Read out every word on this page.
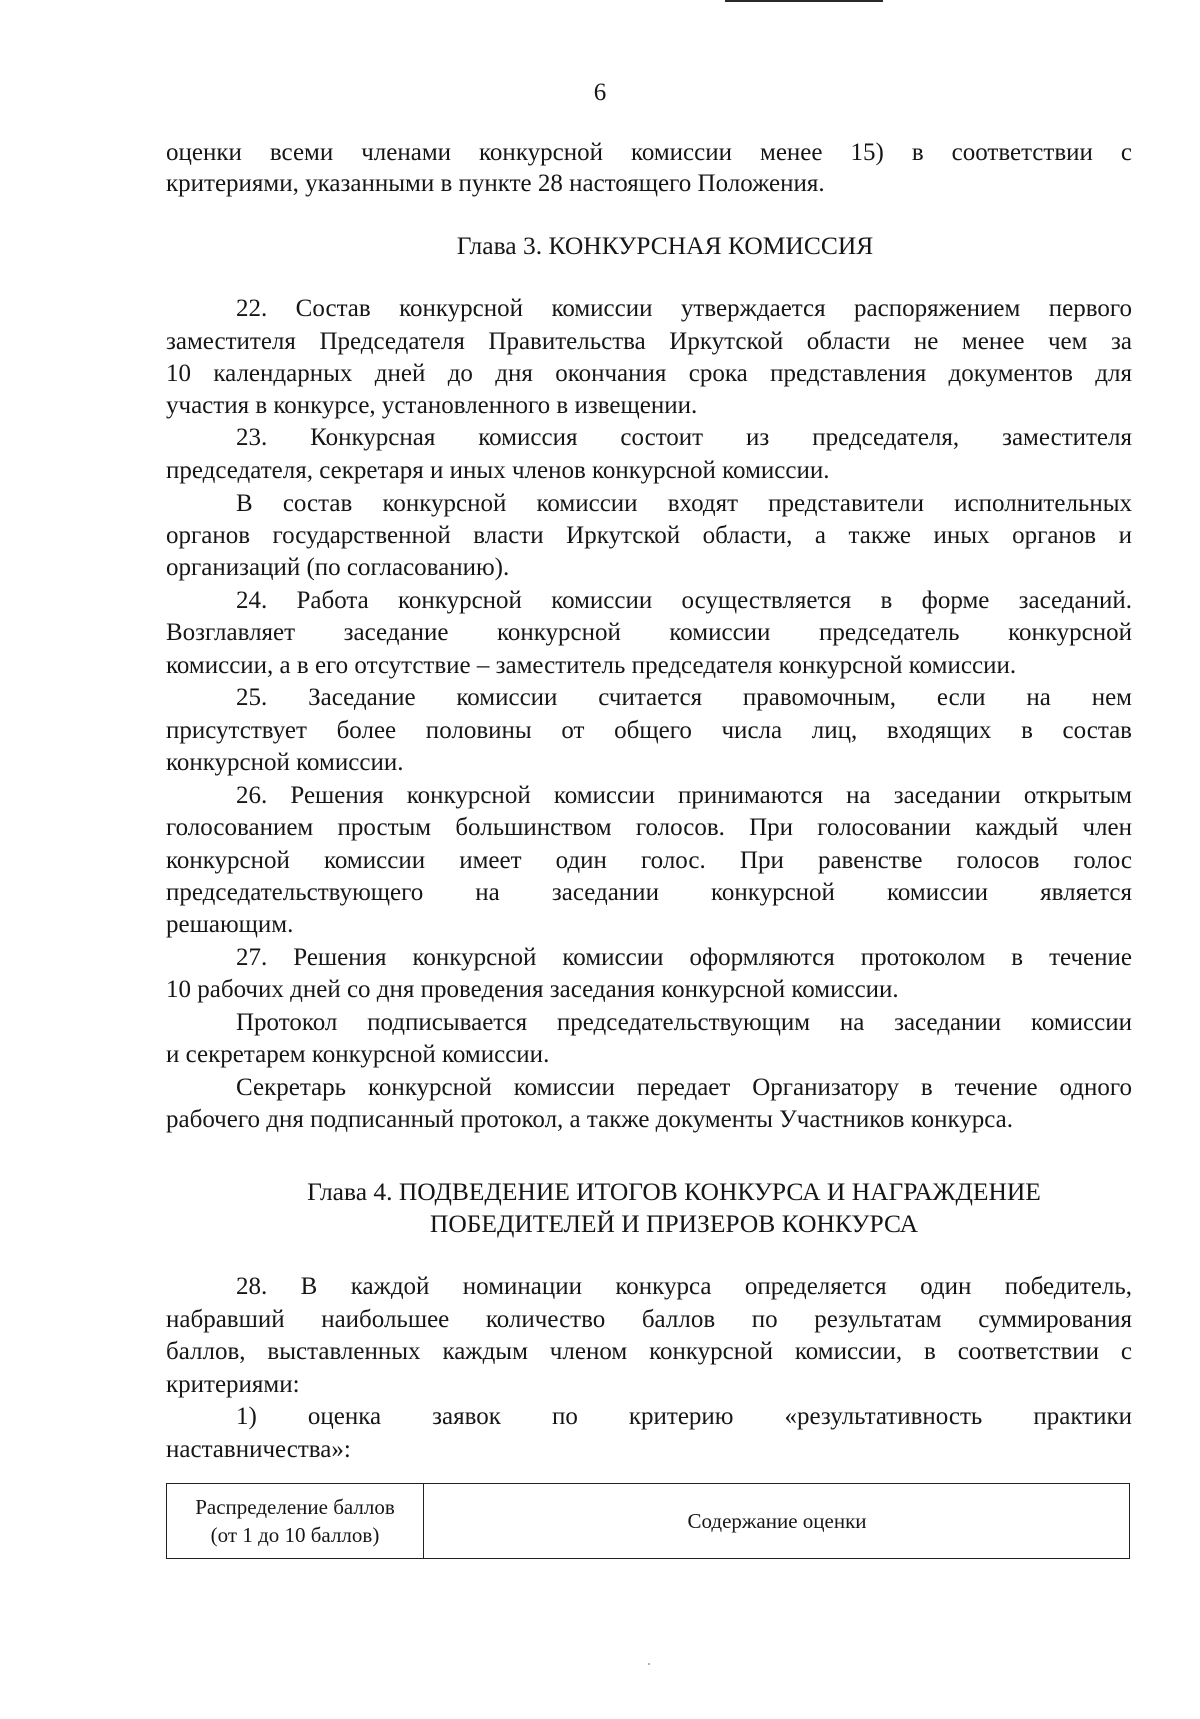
6
оценки всеми членами конкурсной комиссии менее 15) в соответствии с
критериями, указанными в пункте 28 настоящего Положения.
22. Состав конкурсной комиссии утверждается распоряжением первого
заместителя Председателя Правительства Иркутской области не менее чем за
10 календарных дней до дня окончания срока представления документов для
участия в конкурсе, установленного в извещении.
23. Конкурсная комиссия состоит из председателя, заместителя
председателя, секретаря и иных членов конкурсной комиссии.
В состав конкурсной комиссии входят представители исполнительных
органов государственной власти Иркутской области, а также иных органов и
организаций (по согласованию).
24. Работа конкурсной комиссии осуществляется в форме заседаний.
Возглавляет заседание конкурсной комиссии председатель конкурсной
комиссии, а в его отсутствие – заместитель председателя конкурсной комиссии.
25. Заседание комиссии считается правомочным, если на нем
присутствует более половины от общего числа лиц, входящих в состав
конкурсной комиссии.
26. Решения конкурсной комиссии принимаются на заседании открытым
голосованием простым большинством голосов. При голосовании каждый член
конкурсной комиссии имеет один голос. При равенстве голосов голос
председательствующего на заседании конкурсной комиссии является
решающим.
27. Решения конкурсной комиссии оформляются протоколом в течение
10 рабочих дней со дня проведения заседания конкурсной комиссии.
Протокол подписывается председательствующим на заседании комиссии
и секретарем конкурсной комиссии.
Секретарь конкурсной комиссии передает Организатору в течение одного
рабочего дня подписанный протокол, а также документы Участников конкурса.
28. В каждой номинации конкурса определяется один победитель,
набравший наибольшее количество баллов по результатам суммирования
баллов, выставленных каждым членом конкурсной комиссии, в соответствии с
критериями:
1) оценка заявок по критерию «результативность практики
наставничества»:
Глава 3. КОНКУРСНАЯ КОМИССИЯ
Глава 4. ПОДВЕДЕНИЕ ИТОГОВ КОНКУРСА И НАГРАЖДЕНИЕ
ПОБЕДИТЕЛЕЙ И ПРИЗЕРОВ КОНКУРСА
Распределение баллов
(от 1 до 10 баллов)
Содержание оценки
